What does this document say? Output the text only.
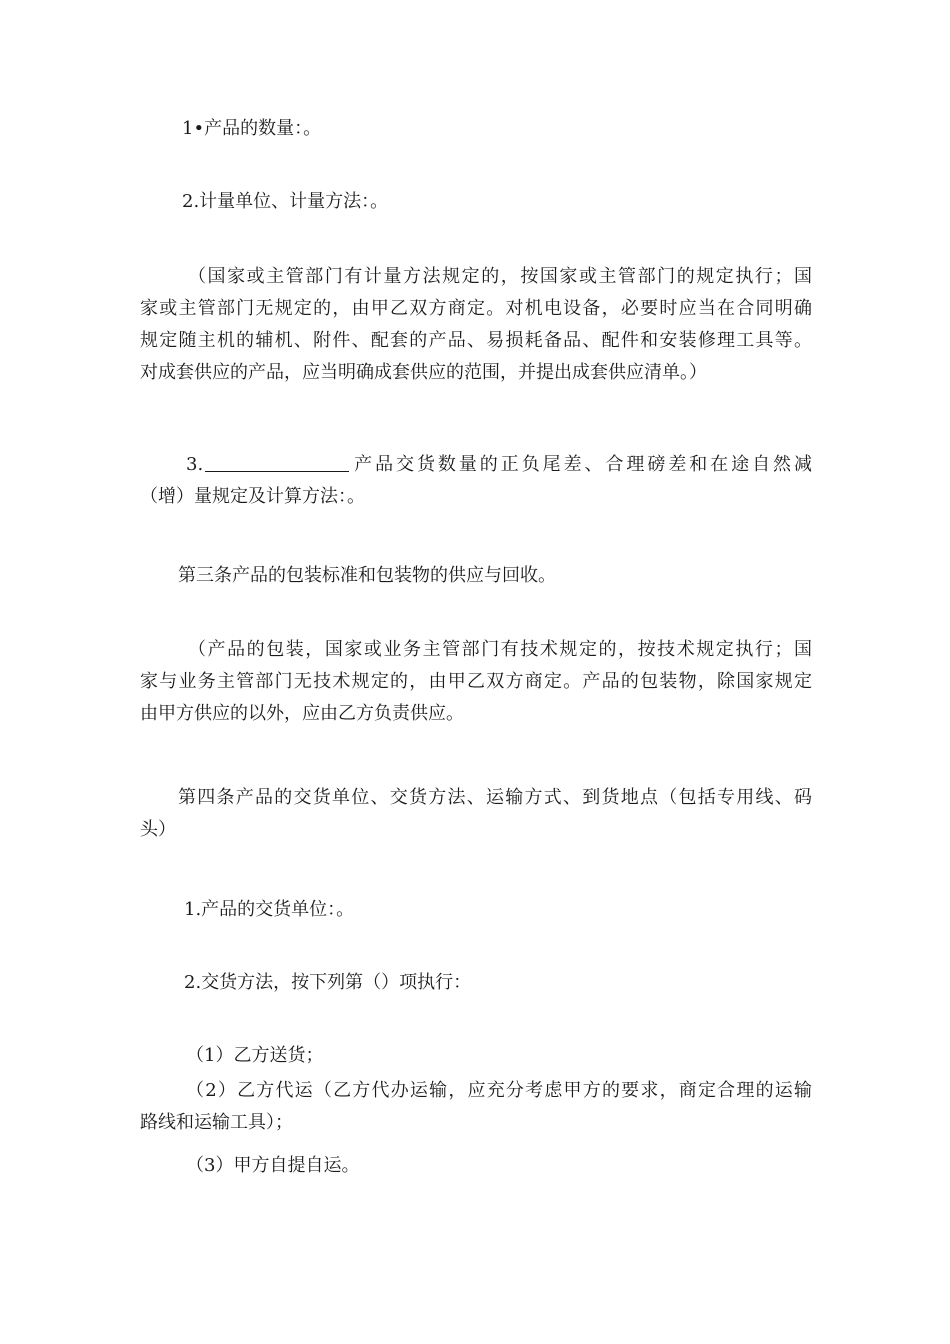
1•产品的数量：。

2.计量单位、计量方法：。

（国家或主管部门有计量方法规定的，按国家或主管部门的规定执行；国
家或主管部门无规定的，由甲乙双方商定。对机电设备，必要时应当在合同明确
规定随主机的辅机、附件、配套的产品、易损耗备品、配件和安装修理工具等。
对成套供应的产品，应当明确成套供应的范围，并提出成套供应清单。）
3.	产品交货数量的正负尾差、合理磅差和在途自然减
（增）量规定及计算方法：。

第三条产品的包装标准和包装物的供应与回收。

（产品的包装，国家或业务主管部门有技术规定的，按技术规定执行；国
家与业务主管部门无技术规定的，由甲乙双方商定。产品的包装物，除国家规定
由甲方供应的以外，应由乙方负责供应。
第四条产品的交货单位、交货方法、运输方式、到货地点（包括专用线、码
头）

1.产品的交货单位：。

2.交货方法，按下列第（）项执行：

（1）乙方送货；

（2）乙方代运（乙方代办运输，应充分考虑甲方的要求，商定合理的运输
路线和运输工具）；

（3）甲方自提自运。
